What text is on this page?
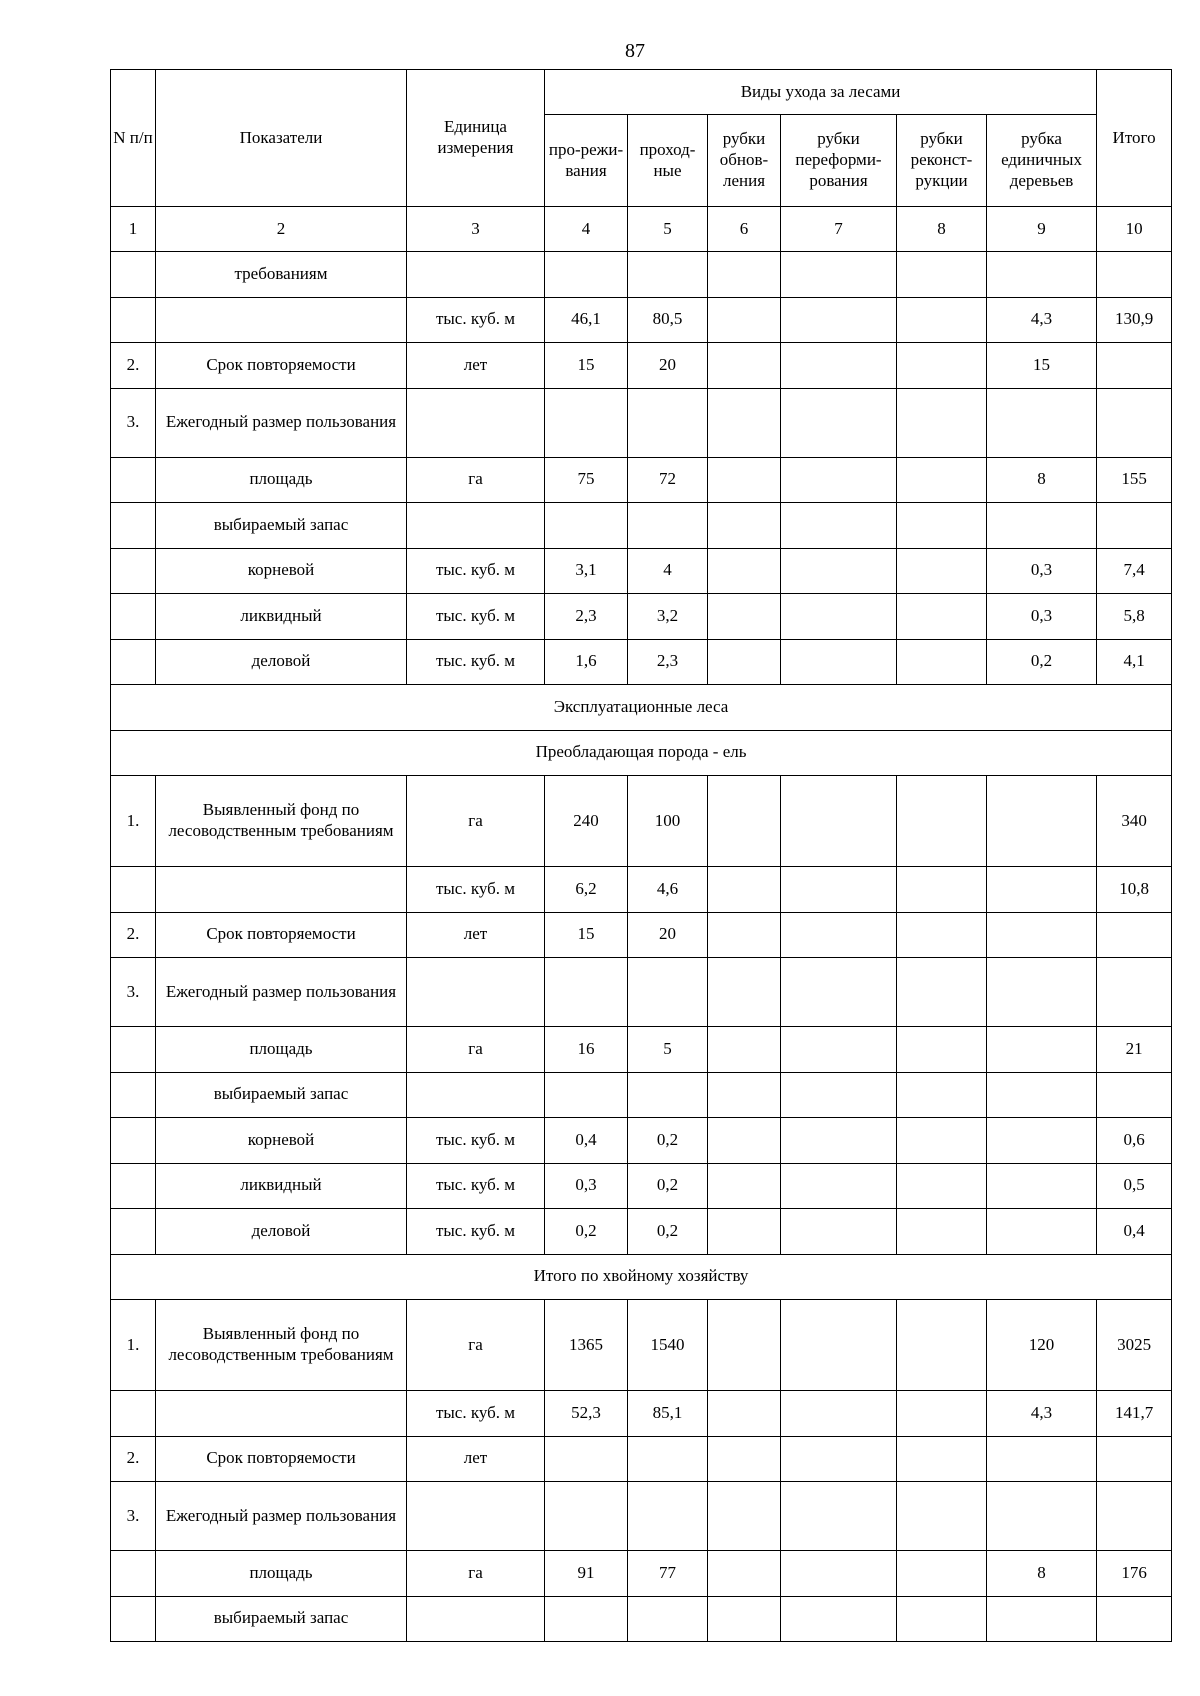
87
N п/п	Показатели	Единица измерения	Виды ухода за лесами						Итого
			про-режи-вания	проход-ные	рубки обнов-ления	рубки переформи-рования	рубки реконст-рукции	рубка единичных деревьев	
1	2	3	4	5	6	7	8	9	10
	требованиям								
		тыс. куб. м	46,1	80,5				4,3	130,9
2.	Срок повторяемости	лет	15	20				15	
3.	Ежегодный размер пользования								
	площадь	га	75	72				8	155
	выбираемый запас								
	корневой	тыс. куб. м	3,1	4				0,3	7,4
	ликвидный	тыс. куб. м	2,3	3,2				0,3	5,8
	деловой	тыс. куб. м	1,6	2,3				0,2	4,1
Эксплуатационные леса									
Преобладающая порода - ель									
1.	Выявленный фонд по лесоводственным требованиям	га	240	100					340
		тыс. куб. м	6,2	4,6					10,8
2.	Срок повторяемости	лет	15	20					
3.	Ежегодный размер пользования								
	площадь	га	16	5					21
	выбираемый запас								
	корневой	тыс. куб. м	0,4	0,2					0,6
	ликвидный	тыс. куб. м	0,3	0,2					0,5
	деловой	тыс. куб. м	0,2	0,2					0,4
Итого по хвойному хозяйству									
1.	Выявленный фонд по лесоводственным требованиям	га	1365	1540				120	3025
		тыс. куб. м	52,3	85,1				4,3	141,7
2.	Срок повторяемости	лет							
3.	Ежегодный размер пользования								
	площадь	га	91	77				8	176
	выбираемый запас								
